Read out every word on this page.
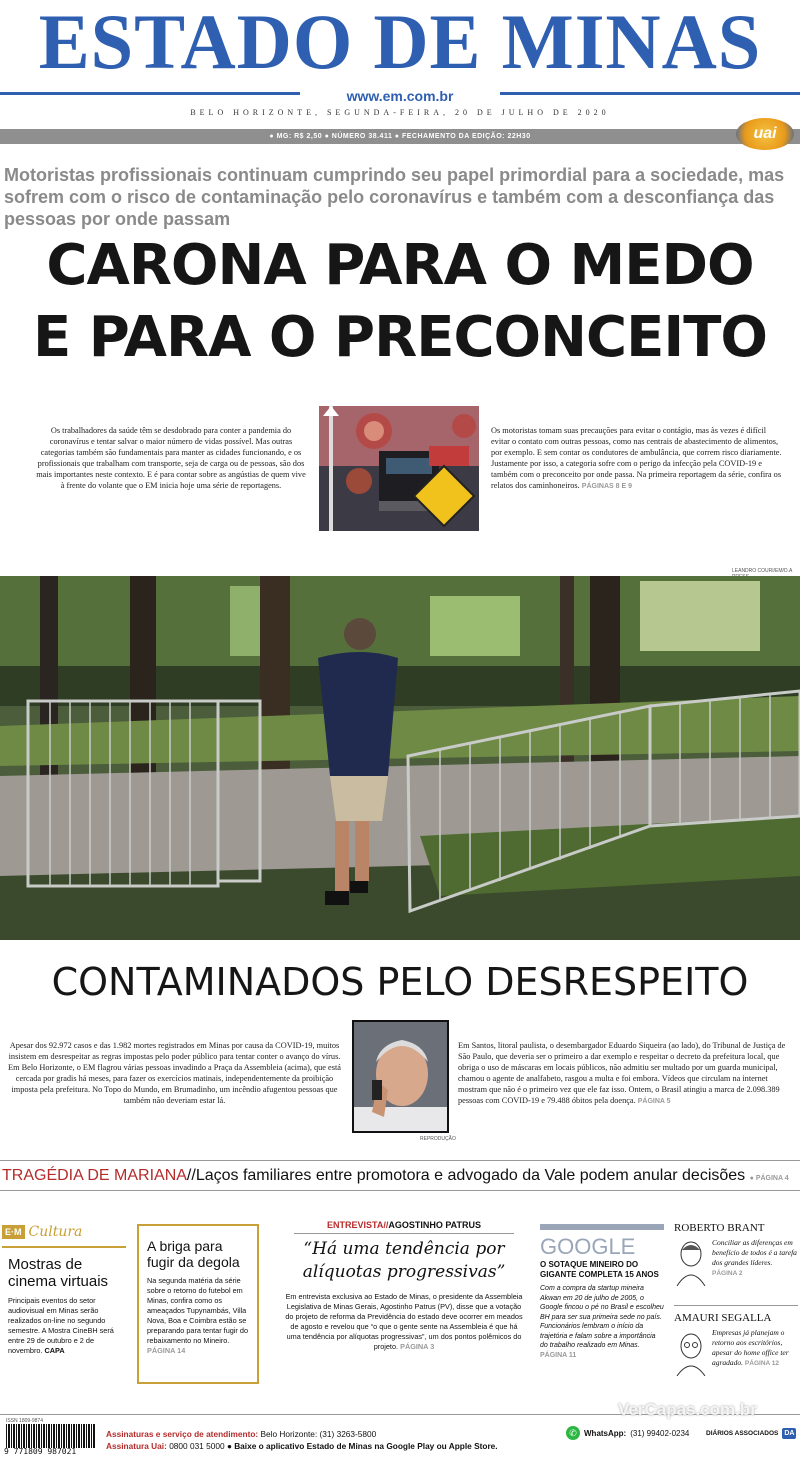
ESTADO DE MINAS
www.em.com.br
BELO HORIZONTE, SEGUNDA-FEIRA, 20 DE JULHO DE 2020
● MG: R$ 2,50 ● NÚMERO 38.411 ● FECHAMENTO DA EDIÇÃO: 22H30	uai
Motoristas profissionais continuam cumprindo seu papel primordial para a sociedade, mas sofrem com o risco de contaminação pelo coronavírus e também com a desconfiança das pessoas por onde passam
CARONA PARA O MEDO
E PARA O PRECONCEITO
Os trabalhadores da saúde têm se desdobrado para conter a pandemia do coronavírus e tentar salvar o maior número de vidas possível. Mas outras categorias também são fundamentais para manter as cidades funcionando, e os profissionais que trabalham com transporte, seja de carga ou de pessoas, são dos mais importantes neste contexto. E é para contar sobre as angústias de quem vive à frente do volante que o EM inicia hoje uma série de reportagens.
Os motoristas tomam suas precauções para evitar o contágio, mas às vezes é difícil evitar o contato com outras pessoas, como nas centrais de abastecimento de alimentos, por exemplo. E sem contar os condutores de ambulância, que correm risco diariamente. Justamente por isso, a categoria sofre com o perigo da infecção pela COVID-19 e também com o preconceito por onde passa. Na primeira reportagem da série, confira os relatos dos caminhoneiros. PÁGINAS 8 E 9
LEANDRO COURI/EM/D.A
CONTAMINADOS PELO DESRESPEITO
Apesar dos 92.972 casos e das 1.982 mortes registrados em Minas por causa da COVID-19, muitos insistem em desrespeitar as regras impostas pelo poder público para tentar conter o avanço do vírus. Em Belo Horizonte, o EM flagrou várias pessoas invadindo a Praça da Assembleia (acima), que está cercada por gradis há meses, para fazer os exercícios matinais, independentemente da proibição imposta pela prefeitura. No Topo do Mundo, em Brumadinho, um incêndio afugentou pessoas que também não deveriam estar lá.
REPRODUÇÃO
Em Santos, litoral paulista, o desembargador Eduardo Siqueira (ao lado), do Tribunal de Justiça de São Paulo, que deveria ser o primeiro a dar exemplo e respeitar o decreto da prefeitura local, que obriga o uso de máscaras em locais públicos, não admitiu ser multado por um guarda municipal, chamou o agente de analfabeto, rasgou a multa e foi embora. Vídeos que circulam na internet mostram que não é o primeiro vez que ele faz isso. Ontem, o Brasil atingiu a marca de 2.098.389 pessoas com COVID-19 e 79.488 óbitos pela doença. PÁGINA 5
TRAGÉDIA DE MARIANA//Laços familiares entre promotora e advogado da Vale podem anular decisões ● PÁGINA 4
E·M Cultura
Mostras de cinema virtuais
Principais eventos do setor audiovisual em Minas serão realizados on-line no segundo semestre. A Mostra CineBH será entre 29 de outubro e 2 de novembro. CAPA
A briga para fugir da degola
Na segunda matéria da série sobre o retorno do futebol em Minas, confira como os ameaçados Tupynambás, Villa Nova, Boa e Coimbra estão se preparando para tentar fugir do rebaixamento no Mineiro. PÁGINA 14
ENTREVISTA//AGOSTINHO PATRUS
“Há uma tendência por alíquotas progressivas”
Em entrevista exclusiva ao Estado de Minas, o presidente da Assembleia Legislativa de Minas Gerais, Agostinho Patrus (PV), disse que a votação do projeto de reforma da Previdência do estado deve ocorrer em meados de agosto e revelou que “o que o gente sente na Assembleia é que há uma tendência por alíquotas progressivas”, um dos pontos polêmicos do projeto. PÁGINA 3
GOOGLE
O SOTAQUE MINEIRO DO GIGANTE COMPLETA 15 ANOS
Com a compra da startup mineira Akwan em 20 de julho de 2005, o Google fincou o pé no Brasil e escolheu BH para ser sua primeira sede no país. Funcionários lembram o início da trajetória e falam sobre a importância do trabalho realizado em Minas. PÁGINA 11
ROBERTO BRANT
Conciliar as diferenças em benefício de todos é a tarefa dos grandes líderes. PÁGINA 2
AMAURI SEGALLA
Empresas já planejam o retorno aos escritórios, apesar do home office ter agradado. PÁGINA 12
ISSN 1809-9874
9 771809 987021
Assinaturas e serviço de atendimento: Belo Horizonte: (31) 3263-5800
Assinatura Uai: 0800 031 5000 ● Baixe o aplicativo Estado de Minas na Google Play ou Apple Store.
✆ WhatsApp: (31) 99402-0234	DIÁRIOS ASSOCIADOS DA
VerCapas.com.br
